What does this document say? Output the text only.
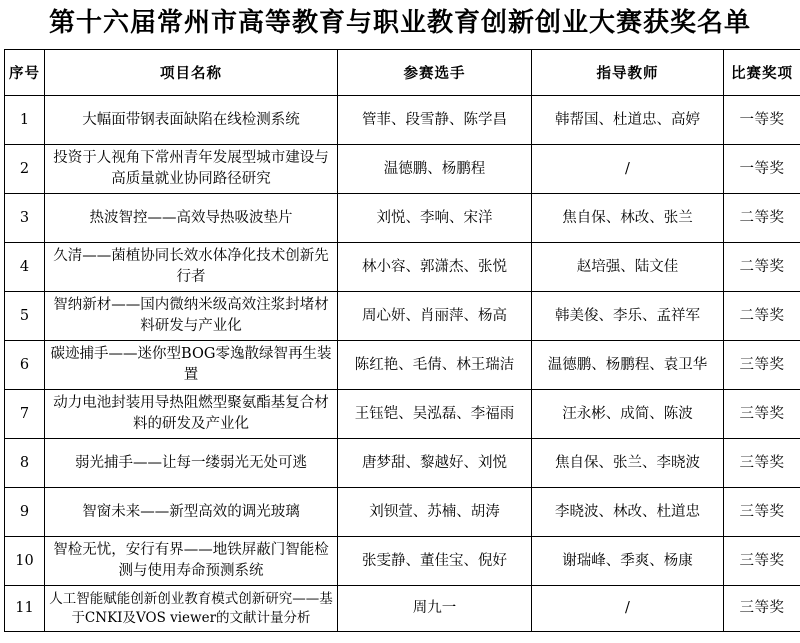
第十六届常州市高等教育与职业教育创新创业大赛获奖名单
序号	项目名称	参赛选手	指导教师	比赛奖项
1	大幅面带钢表面缺陷在线检测系统	管菲、段雪静、陈学昌	韩帮国、杜道忠、高婷	一等奖
2	投资于人视角下常州青年发展型城市建设与高质量就业协同路径研究	温德鹏、杨鹏程	/	一等奖
3	热波智控——高效导热吸波垫片	刘悦、李响、宋洋	焦自保、林改、张兰	二等奖
4	久清——菌植协同长效水体净化技术创新先行者	林小容、郭潇杰、张悦	赵培强、陆文佳	二等奖
5	智纳新材——国内微纳米级高效注浆封堵材料研发与产业化	周心妍、肖丽萍、杨高	韩美俊、李乐、孟祥军	二等奖
6	碳迹捕手——迷你型BOG零逸散绿智再生装置	陈红艳、毛倩、林王瑞洁	温德鹏、杨鹏程、袁卫华	三等奖
7	动力电池封装用导热阻燃型聚氨酯基复合材料的研发及产业化	王钰铠、吴泓磊、李福雨	汪永彬、成简、陈波	三等奖
8	弱光捕手——让每一缕弱光无处可逃	唐梦甜、黎越好、刘悦	焦自保、张兰、李晓波	三等奖
9	智窗未来——新型高效的调光玻璃	刘钡萱、苏楠、胡涛	李晓波、林改、杜道忠	三等奖
10	智检无忧，安行有界——地铁屏蔽门智能检测与使用寿命预测系统	张雯静、董佳宝、倪好	谢瑞峰、季爽、杨康	三等奖
11	人工智能赋能创新创业教育模式创新研究——基于CNKI及VOS viewer的文献计量分析	周九一	/	三等奖
